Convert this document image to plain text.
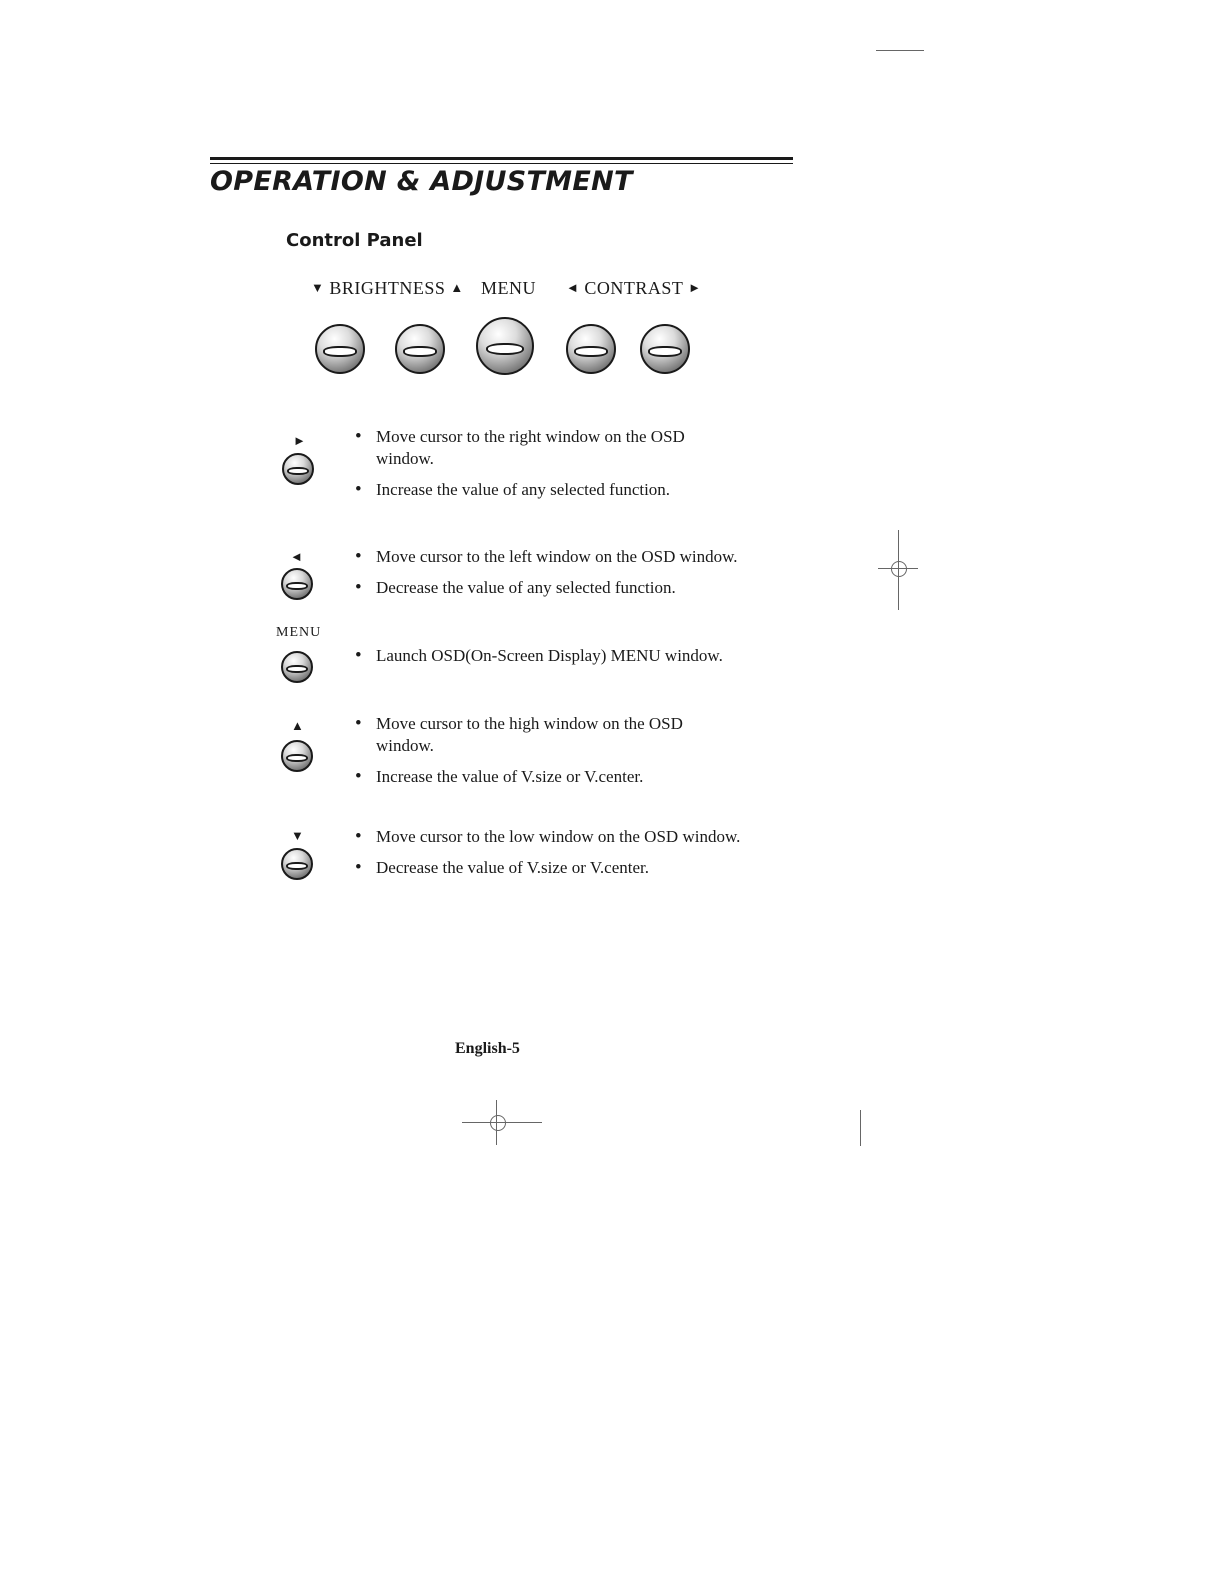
OPERATION & ADJUSTMENT
Control Panel
▼ BRIGHTNESS ▲ MENU ◄ CONTRAST ►
►	• Move cursor to the right window on the OSD window.
• Increase the value of any selected function.
◄	• Move cursor to the left window on the OSD window.
• Decrease the value of any selected function.
MENU
• Launch OSD(On-Screen Display) MENU window.
▲	• Move cursor to the high window on the OSD window.
• Increase the value of V.size or V.center.
▼	• Move cursor to the low window on the OSD window.
• Decrease the value of V.size or V.center.
English-5
